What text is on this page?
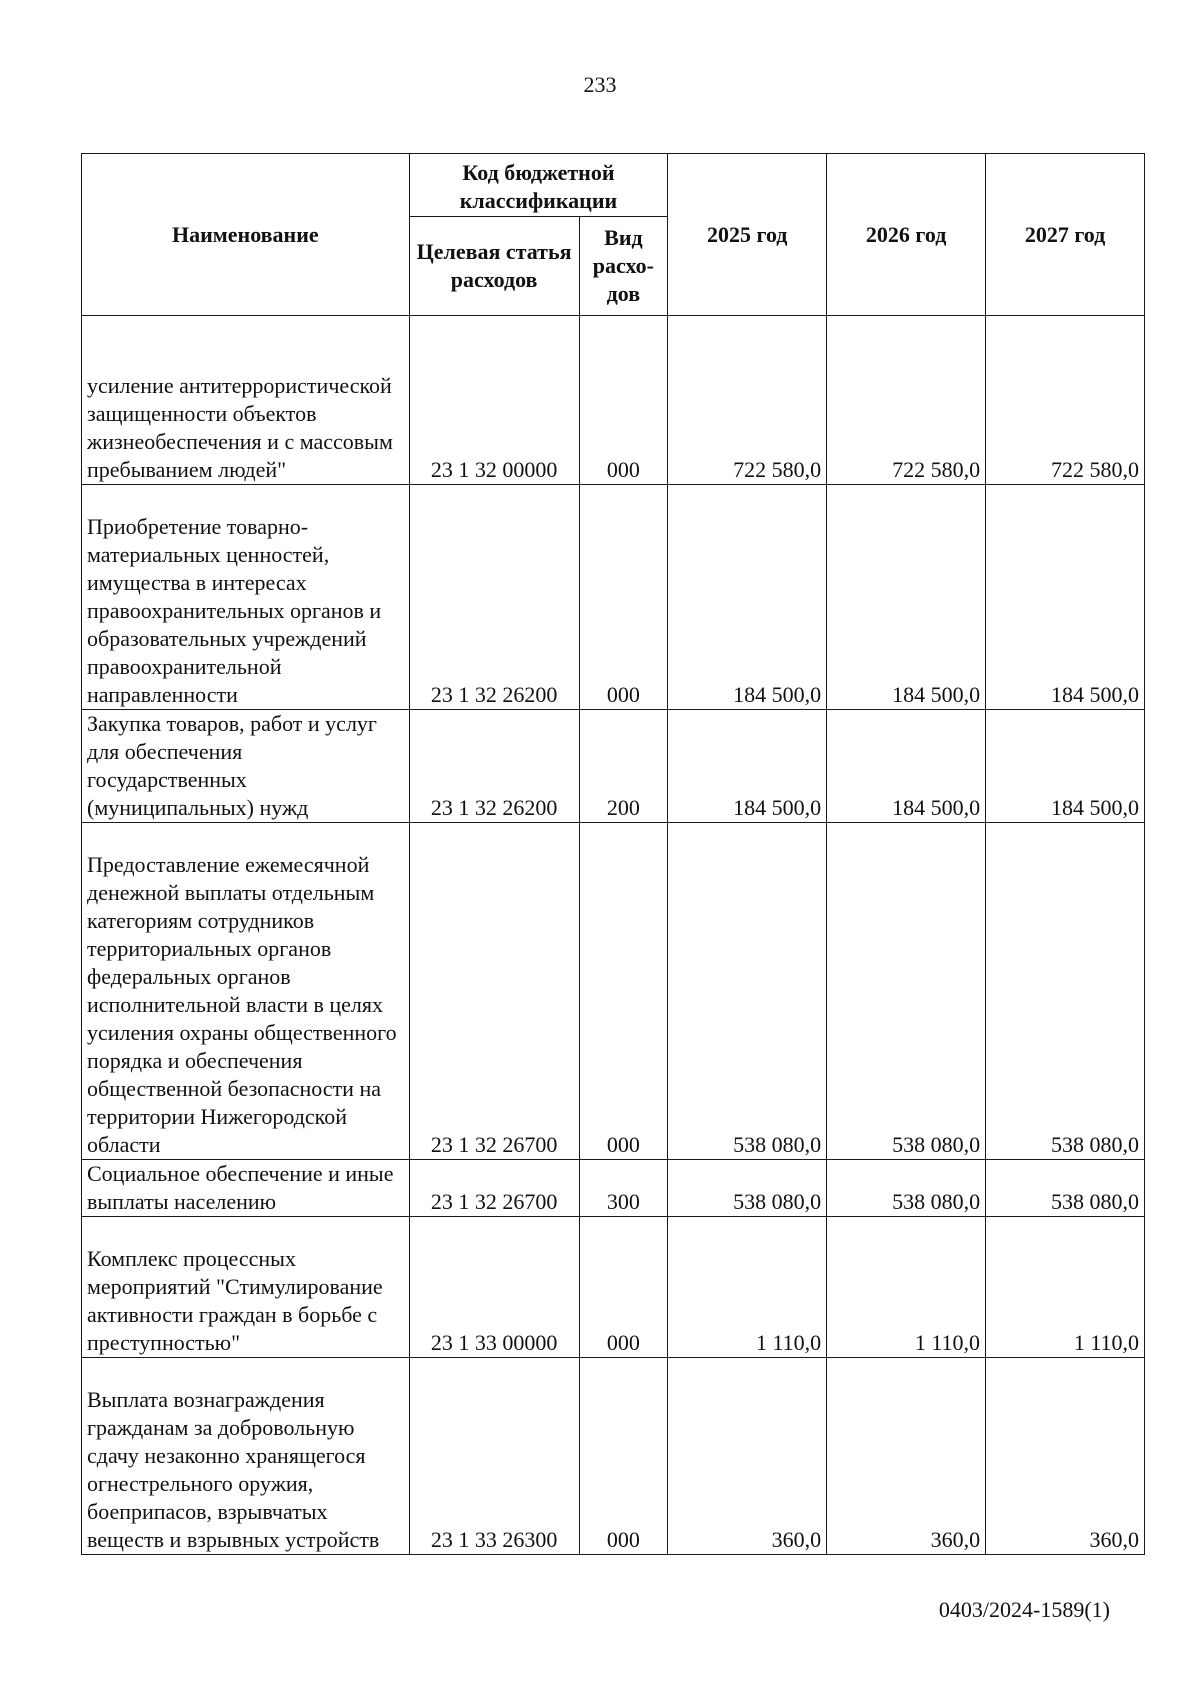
233
Наименование	Код бюджетной классификации		2025 год	2026 год	2027 год
	Целевая статья расходов	Вид расхо-дов			
усиление антитеррористической защищенности объектов жизнеобеспечения и с массовым пребыванием людей"	23 1 32 00000	000	722 580,0	722 580,0	722 580,0
Приобретение товарно-материальных ценностей, имущества в интересах правоохранительных органов и образовательных учреждений правоохранительной направленности	23 1 32 26200	000	184 500,0	184 500,0	184 500,0
Закупка товаров, работ и услуг для обеспечения государственных (муниципальных) нужд	23 1 32 26200	200	184 500,0	184 500,0	184 500,0
Предоставление ежемесячной денежной выплаты отдельным категориям сотрудников территориальных органов федеральных органов исполнительной власти в целях усиления охраны общественного порядка и обеспечения общественной безопасности на территории Нижегородской области	23 1 32 26700	000	538 080,0	538 080,0	538 080,0
Социальное обеспечение и иные выплаты населению	23 1 32 26700	300	538 080,0	538 080,0	538 080,0
Комплекс процессных мероприятий "Стимулирование активности граждан в борьбе с преступностью"	23 1 33 00000	000	1 110,0	1 110,0	1 110,0
Выплата вознаграждения гражданам за добровольную сдачу незаконно хранящегося огнестрельного оружия, боеприпасов, взрывчатых веществ и взрывных устройств	23 1 33 26300	000	360,0	360,0	360,0
0403/2024-1589(1)
